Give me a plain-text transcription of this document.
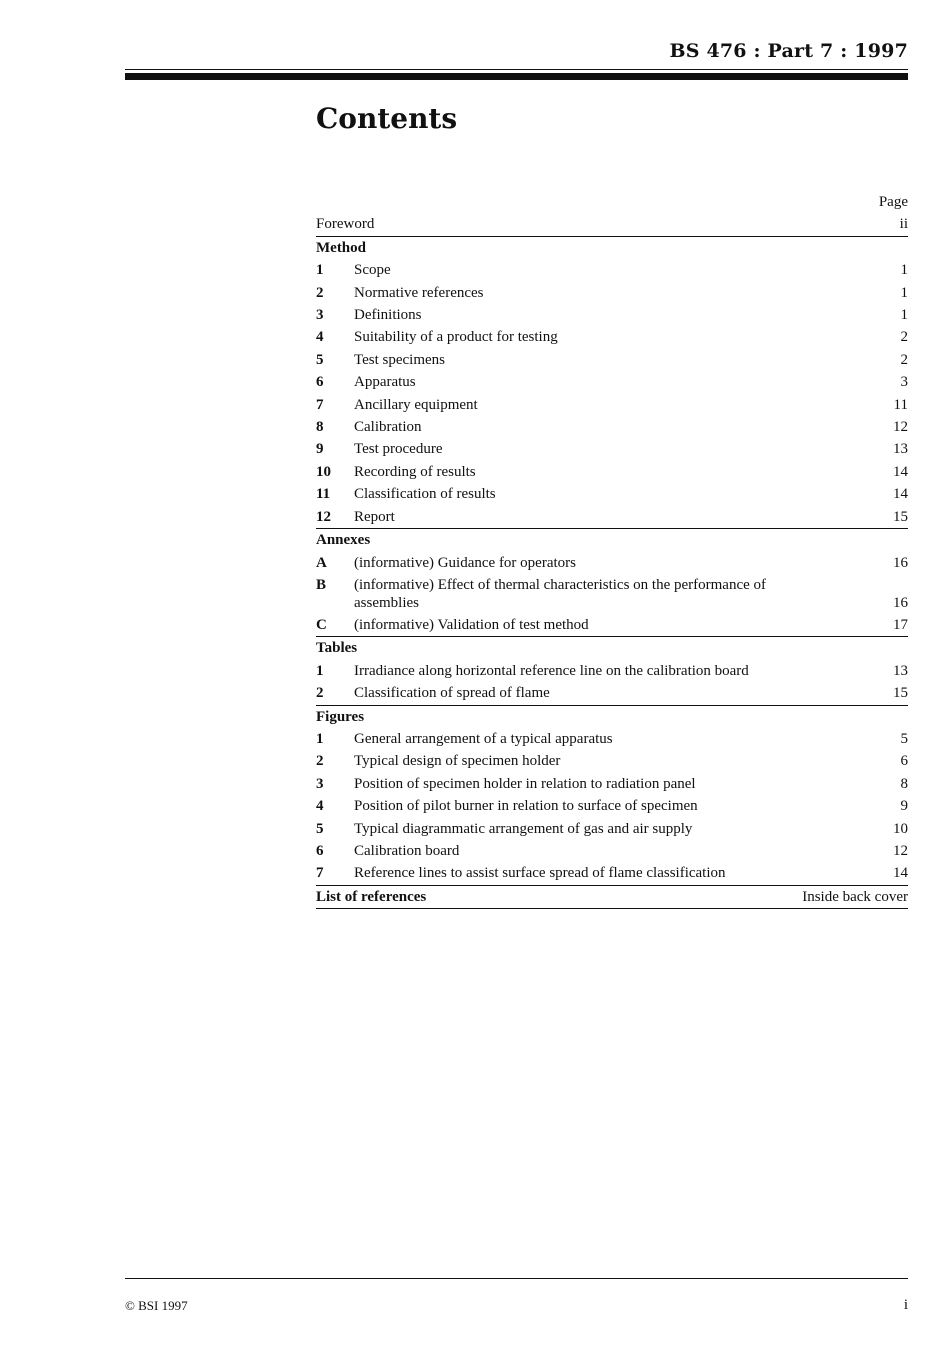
BS 476 : Part 7 : 1997
Contents
Page
Foreword	ii
Method
1	Scope	1
2	Normative references	1
3	Definitions	1
4	Suitability of a product for testing	2
5	Test specimens	2
6	Apparatus	3
7	Ancillary equipment	11
8	Calibration	12
9	Test procedure	13
10	Recording of results	14
11	Classification of results	14
12	Report	15
Annexes
A	(informative) Guidance for operators	16
B	(informative) Effect of thermal characteristics on the performance of assemblies	16
C	(informative) Validation of test method	17
Tables
1	Irradiance along horizontal reference line on the calibration board	13
2	Classification of spread of flame	15
Figures
1	General arrangement of a typical apparatus	5
2	Typical design of specimen holder	6
3	Position of specimen holder in relation to radiation panel	8
4	Position of pilot burner in relation to surface of specimen	9
5	Typical diagrammatic arrangement of gas and air supply	10
6	Calibration board	12
7	Reference lines to assist surface spread of flame classification	14
List of references	Inside back cover
© BSI 1997	i
